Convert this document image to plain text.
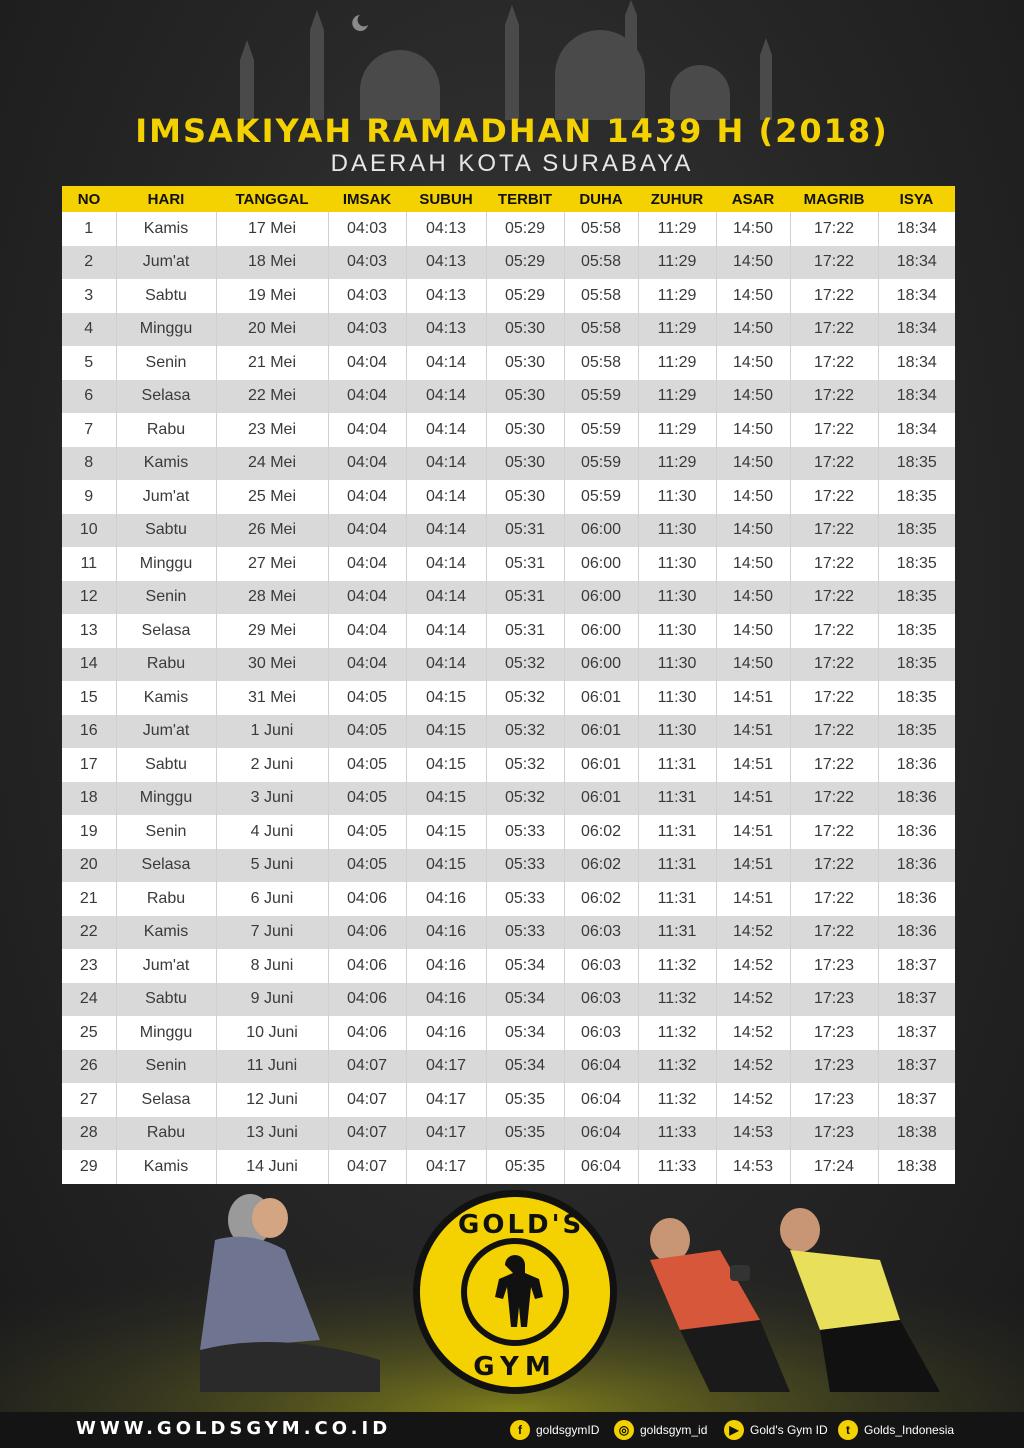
IMSAKIYAH RAMADHAN 1439 H (2018)
DAERAH KOTA SURABAYA
NO	HARI	TANGGAL	IMSAK	SUBUH	TERBIT	DUHA	ZUHUR	ASAR	MAGRIB	ISYA
1	Kamis	17 Mei	04:03	04:13	05:29	05:58	11:29	14:50	17:22	18:34
2	Jum'at	18 Mei	04:03	04:13	05:29	05:58	11:29	14:50	17:22	18:34
3	Sabtu	19 Mei	04:03	04:13	05:29	05:58	11:29	14:50	17:22	18:34
4	Minggu	20 Mei	04:03	04:13	05:30	05:58	11:29	14:50	17:22	18:34
5	Senin	21 Mei	04:04	04:14	05:30	05:58	11:29	14:50	17:22	18:34
6	Selasa	22 Mei	04:04	04:14	05:30	05:59	11:29	14:50	17:22	18:34
7	Rabu	23 Mei	04:04	04:14	05:30	05:59	11:29	14:50	17:22	18:34
8	Kamis	24 Mei	04:04	04:14	05:30	05:59	11:29	14:50	17:22	18:35
9	Jum'at	25 Mei	04:04	04:14	05:30	05:59	11:30	14:50	17:22	18:35
10	Sabtu	26 Mei	04:04	04:14	05:31	06:00	11:30	14:50	17:22	18:35
11	Minggu	27 Mei	04:04	04:14	05:31	06:00	11:30	14:50	17:22	18:35
12	Senin	28 Mei	04:04	04:14	05:31	06:00	11:30	14:50	17:22	18:35
13	Selasa	29 Mei	04:04	04:14	05:31	06:00	11:30	14:50	17:22	18:35
14	Rabu	30 Mei	04:04	04:14	05:32	06:00	11:30	14:50	17:22	18:35
15	Kamis	31 Mei	04:05	04:15	05:32	06:01	11:30	14:51	17:22	18:35
16	Jum'at	1 Juni	04:05	04:15	05:32	06:01	11:30	14:51	17:22	18:35
17	Sabtu	2 Juni	04:05	04:15	05:32	06:01	11:31	14:51	17:22	18:36
18	Minggu	3 Juni	04:05	04:15	05:32	06:01	11:31	14:51	17:22	18:36
19	Senin	4 Juni	04:05	04:15	05:33	06:02	11:31	14:51	17:22	18:36
20	Selasa	5 Juni	04:05	04:15	05:33	06:02	11:31	14:51	17:22	18:36
21	Rabu	6 Juni	04:06	04:16	05:33	06:02	11:31	14:51	17:22	18:36
22	Kamis	7 Juni	04:06	04:16	05:33	06:03	11:31	14:52	17:22	18:36
23	Jum'at	8 Juni	04:06	04:16	05:34	06:03	11:32	14:52	17:23	18:37
24	Sabtu	9 Juni	04:06	04:16	05:34	06:03	11:32	14:52	17:23	18:37
25	Minggu	10 Juni	04:06	04:16	05:34	06:03	11:32	14:52	17:23	18:37
26	Senin	11 Juni	04:07	04:17	05:34	06:04	11:32	14:52	17:23	18:37
27	Selasa	12 Juni	04:07	04:17	05:35	06:04	11:32	14:52	17:23	18:37
28	Rabu	13 Juni	04:07	04:17	05:35	06:04	11:33	14:53	17:23	18:38
29	Kamis	14 Juni	04:07	04:17	05:35	06:04	11:33	14:53	17:24	18:38
GOLD'S
GYM
WWW.GOLDSGYM.CO.ID	f	goldsgymID	◎ goldsgym_id	▶ Gold's Gym ID	t	Golds_Indonesia
